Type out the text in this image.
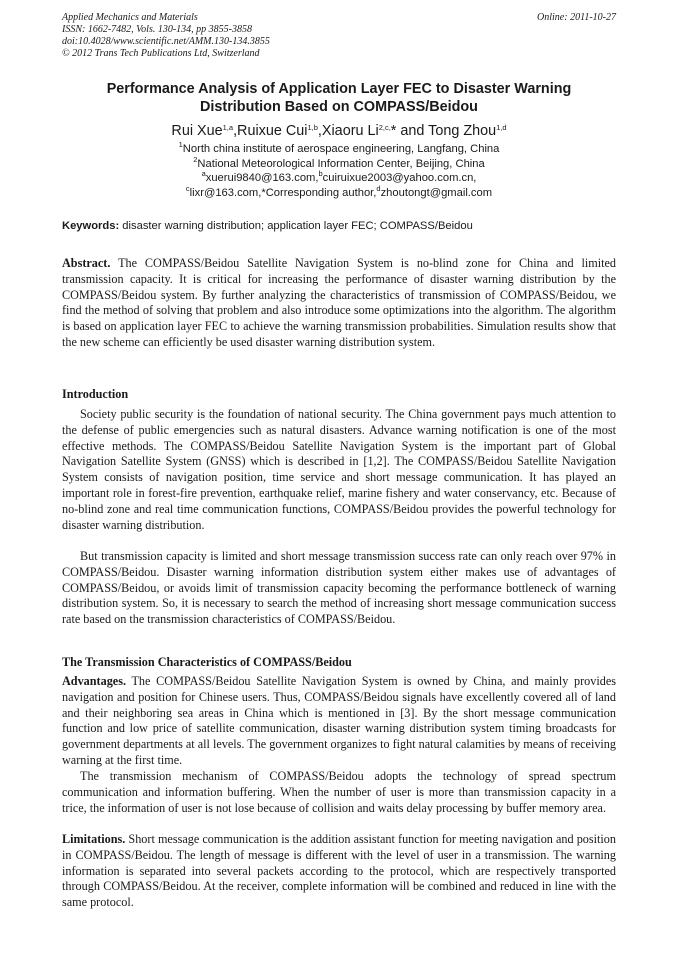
Applied Mechanics and Materials
ISSN: 1662-7482, Vols. 130-134, pp 3855-3858
doi:10.4028/www.scientific.net/AMM.130-134.3855
© 2012 Trans Tech Publications Ltd, Switzerland
Online: 2011-10-27
Performance Analysis of Application Layer FEC to Disaster Warning
Distribution Based on COMPASS/Beidou
Rui Xue$^{1,a}$,Ruixue Cui$^{1,b}$,Xiaoru $Li^{2,c,}*$ and Tong Zhou$^{1,d}$
$^1$North china institute of aerospace engineering, Langfang, China
$^2$National Meteorological Information Center, Beijing, China
$^a$xuerui9840@163.com,$^b$cuiruixue2003@yahoo.com.cn,
$^c$lixr@163.com,*Corresponding author,$^d$zhoutongt@gmail.com
Keywords: disaster warning distribution; application layer FEC; COMPASS/Beidou
Abstract. The COMPASS/Beidou Satellite Navigation System is no-blind zone for China and limited transmission capacity. It is critical for increasing the performance of disaster warning distribution by the COMPASS/Beidou system. By further analyzing the characteristics of transmission of COMPASS/Beidou, we find the method of solving that problem and also introduce some optimizations into the algorithm. The algorithm is based on application layer FEC to achieve the warning transmission probabilities. Simulation results show that the new scheme can efficiently be used disaster warning distribution system.
Introduction
Society public security is the foundation of national security. The China government pays much attention to the defense of public emergencies such as natural disasters. Advance warning notification is one of the most effective methods. The COMPASS/Beidou Satellite Navigation System is the important part of Global Navigation Satellite System (GNSS) which is described in [1,2]. The COMPASS/Beidou Satellite Navigation System consists of navigation position, time service and short message communication. It has played an important role in forest-fire prevention, earthquake relief, marine fishery and water conservancy, etc. Because of no-blind zone and real time communication functions, COMPASS/Beidou provides the powerful technology for disaster warning distribution.
But transmission capacity is limited and short message transmission success rate can only reach over 97% in COMPASS/Beidou. Disaster warning information distribution system either makes use of advantages of COMPASS/Beidou, or avoids limit of transmission capacity becoming the performance bottleneck of warning distribution system. So, it is necessary to search the method of increasing short message communication success rate based on the transmission characteristics of COMPASS/Beidou.
The Transmission Characteristics of COMPASS/Beidou
Advantages. The COMPASS/Beidou Satellite Navigation System is owned by China, and mainly provides navigation and position for Chinese users. Thus, COMPASS/Beidou signals have excellently covered all of land and their neighboring sea areas in China which is mentioned in [3]. By the short message communication function and low price of satellite communication, disaster warning distribution system timing broadcasts for government departments at all levels. The government organizes to fight natural calamities by means of receiving warning at the first time.
The transmission mechanism of COMPASS/Beidou adopts the technology of spread spectrum communication and information buffering. When the number of user is more than transmission capacity in a trice, the information of user is not lose because of collision and waits delay processing by buffer memory area.
Limitations. Short message communication is the addition assistant function for meeting navigation and position in COMPASS/Beidou. The length of message is different with the level of user in a transmission. The warning information is separated into several packets according to the protocol, which are respectively transported through COMPASS/Beidou. At the receiver, complete information will be combined and reduced in line with the same protocol.
